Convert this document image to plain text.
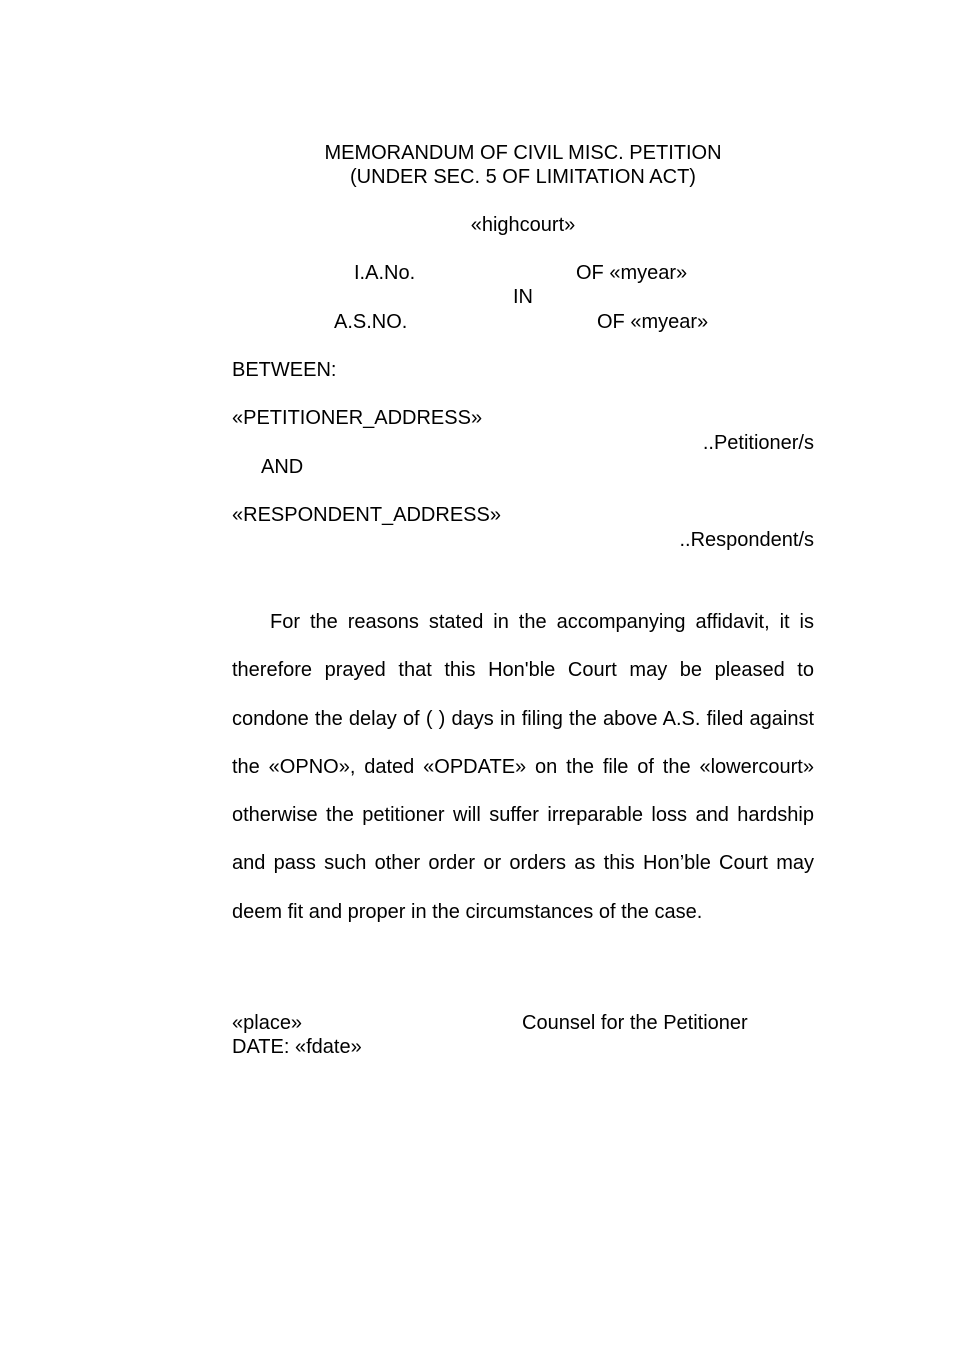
MEMORANDUM OF CIVIL MISC. PETITION
(UNDER SEC. 5 OF LIMITATION ACT)
«highcourt»
I.A.No.	OF «myear»
IN
A.S.NO.	OF «myear»
BETWEEN:
«PETITIONER_ADDRESS»
..Petitioner/s
AND
«RESPONDENT_ADDRESS»
..Respondent/s
For the reasons stated in the accompanying affidavit, it is therefore prayed that this Hon'ble Court may be pleased to condone the delay of ( ) days in filing the above A.S. filed against the «OPNO», dated «OPDATE» on the file of the «lowercourt» otherwise the petitioner will suffer irreparable loss and hardship and pass such other order or orders as this Hon’ble Court may deem fit and proper in the circumstances of the case.
«place»	Counsel for the Petitioner
DATE: «fdate»
